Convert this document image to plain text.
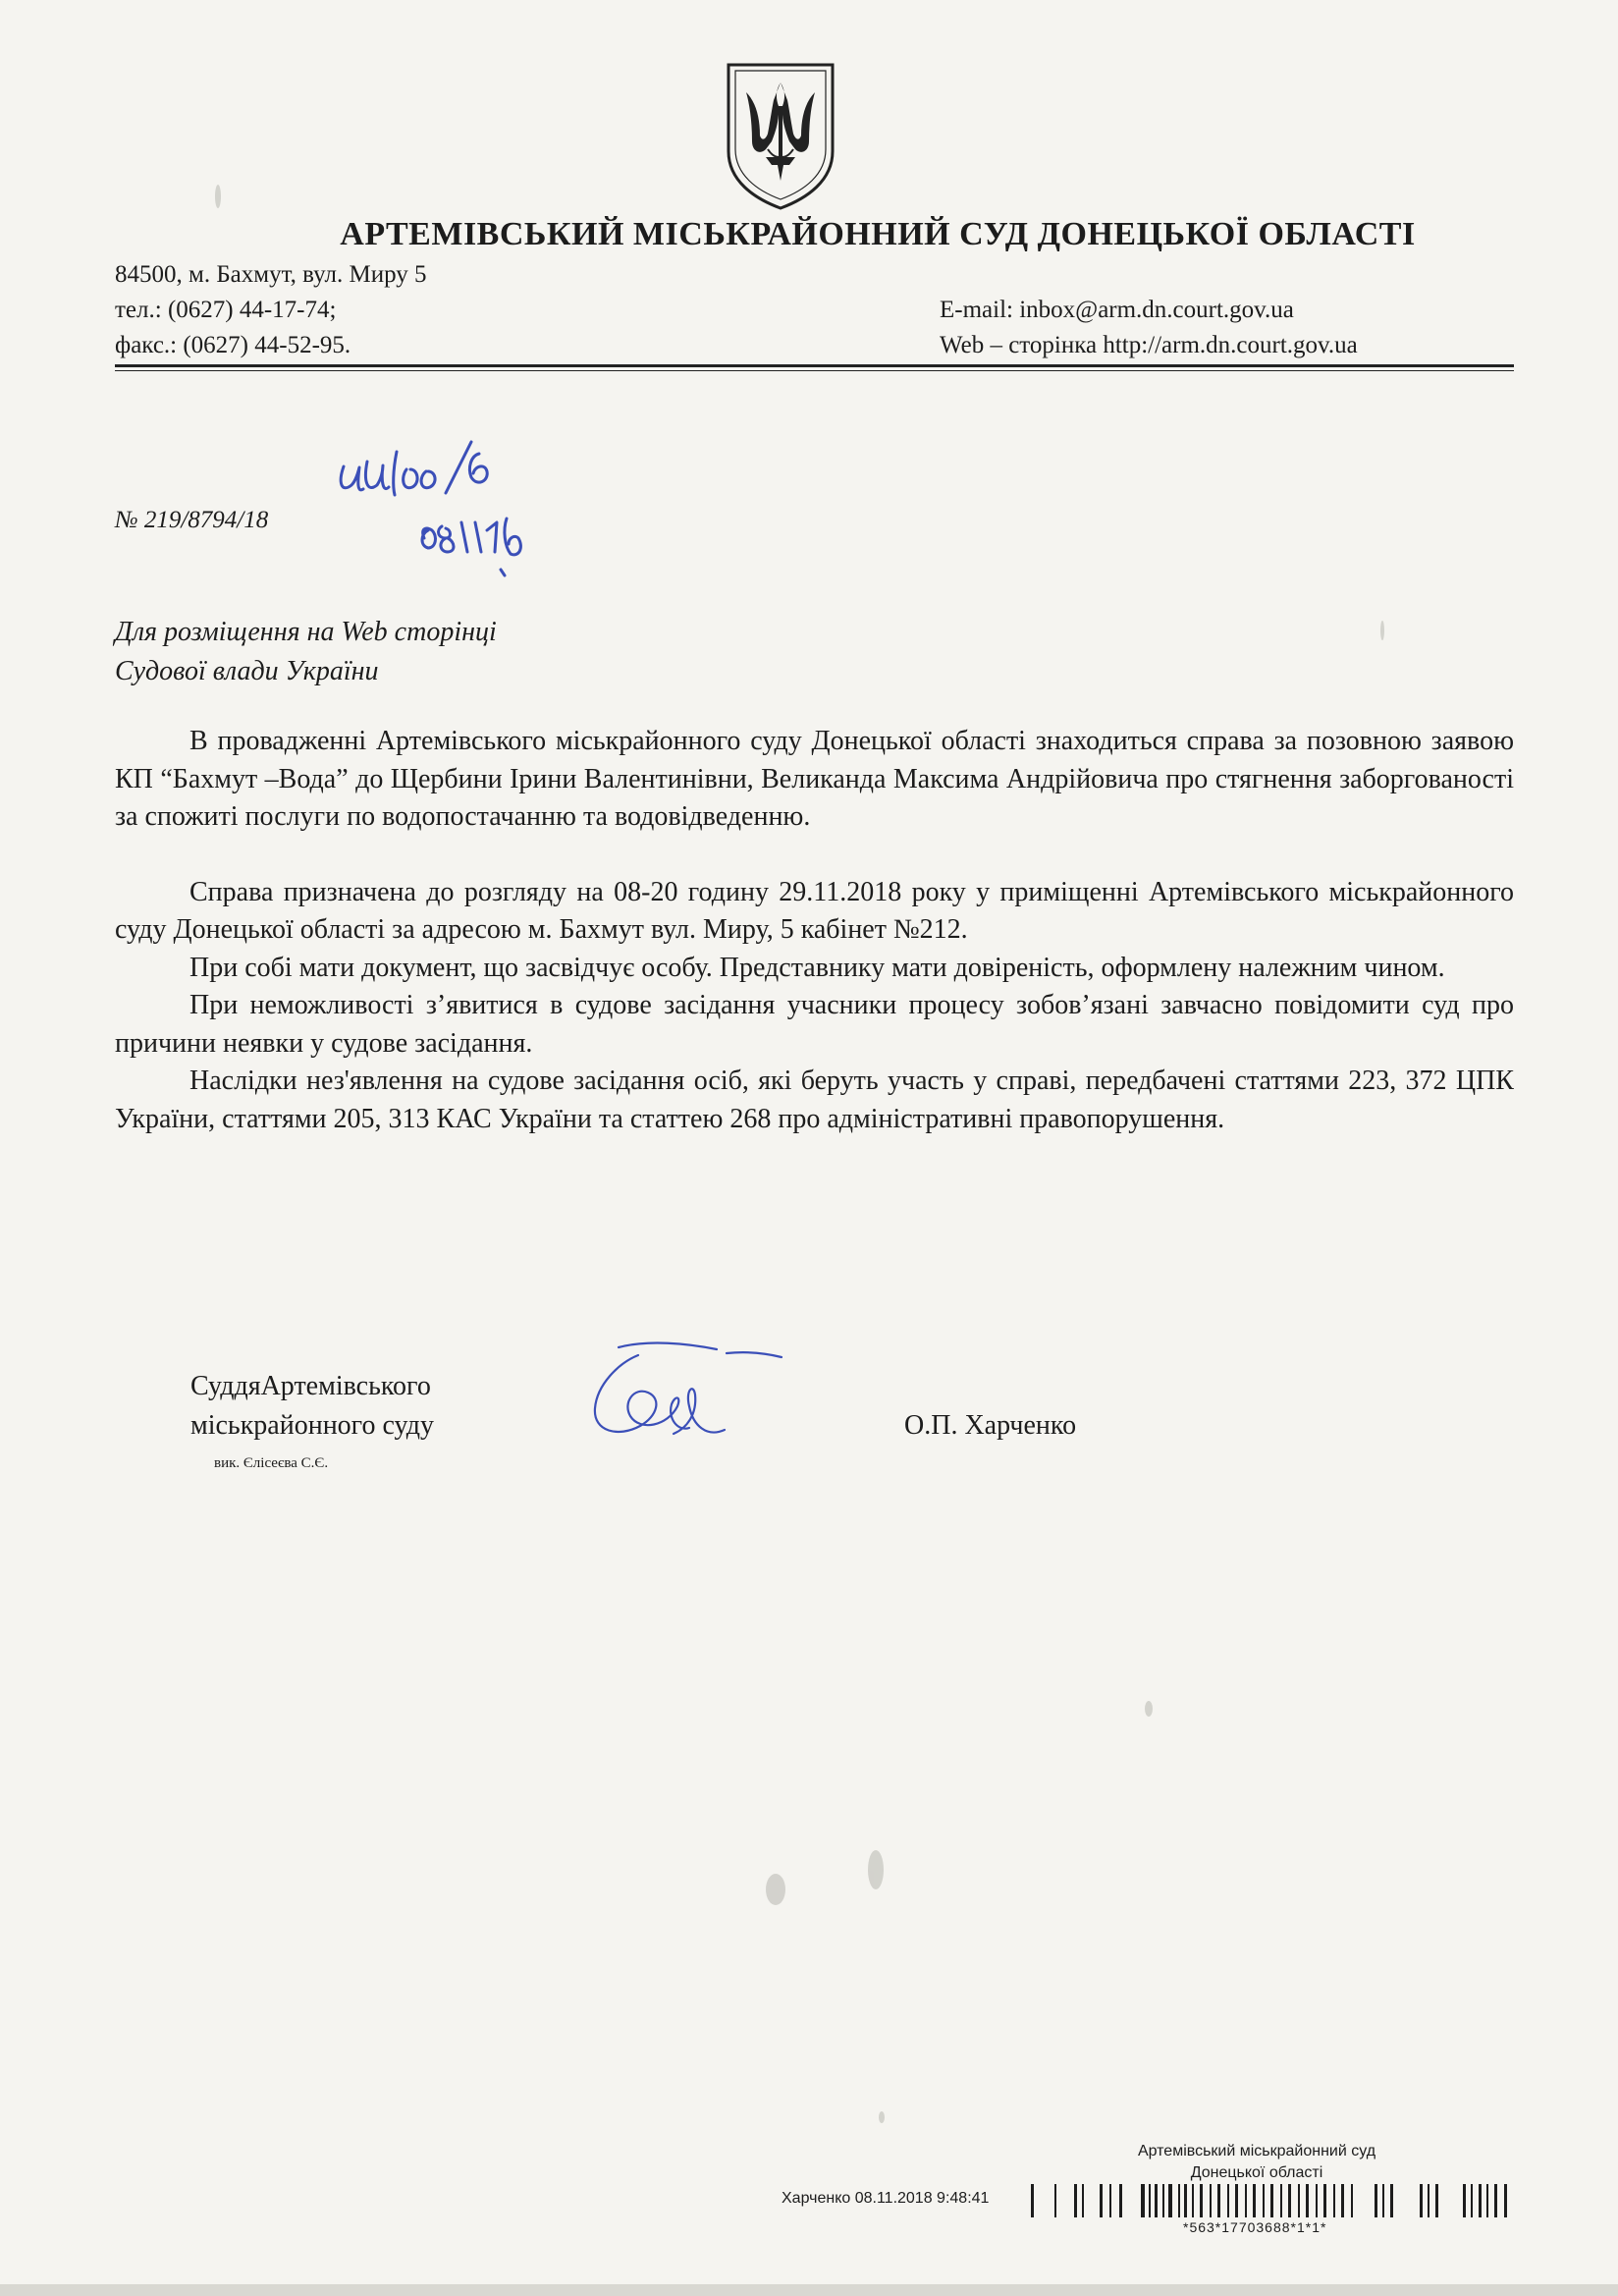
АРТЕМІВСЬКИЙ МІСЬКРАЙОННИЙ СУД ДОНЕЦЬКОЇ ОБЛАСТІ
84500, м. Бахмут, вул. Миру 5
тел.: (0627) 44-17-74;
факс.: (0627) 44-52-95.
E-mail: inbox@arm.dn.court.gov.ua
Web – сторінка http://arm.dn.court.gov.ua
№ 219/8794/18
Для розміщення на Web сторінці
Судової влади України

В провадженні Артемівського міськрайонного суду Донецької області знаходиться справа за позовною заявою КП “Бахмут –Вода” до Щербини Ірини Валентинівни, Великанда Максима Андрійовича про стягнення заборгованості за спожиті послуги по водопостачанню та водовідведенню.

Справа призначена до розгляду на 08-20 годину 29.11.2018 року у приміщенні Артемівського міськрайонного суду Донецької області за адресою м. Бахмут вул. Миру, 5 кабінет №212.

При собі мати документ, що засвідчує особу. Представнику мати довіреність, оформлену належним чином.

При неможливості з’явитися в судове засідання учасники процесу зобов’язані завчасно повідомити суд про причини неявки у судове засідання.

Наслідки нез'явлення на судове засідання осіб, які беруть участь у справі, передбачені статтями 223, 372 ЦПК України, статтями 205, 313 КАС України та статтею 268 про адміністративні правопорушення.

СуддяАртемівського
міськрайонного суду
вик. Єлісеєва С.Є.
О.П. Харченко
Артемівський міськрайонний суд
Донецької області
Харченко 08.11.2018 9:48:41
*563*17703688*1*1*
